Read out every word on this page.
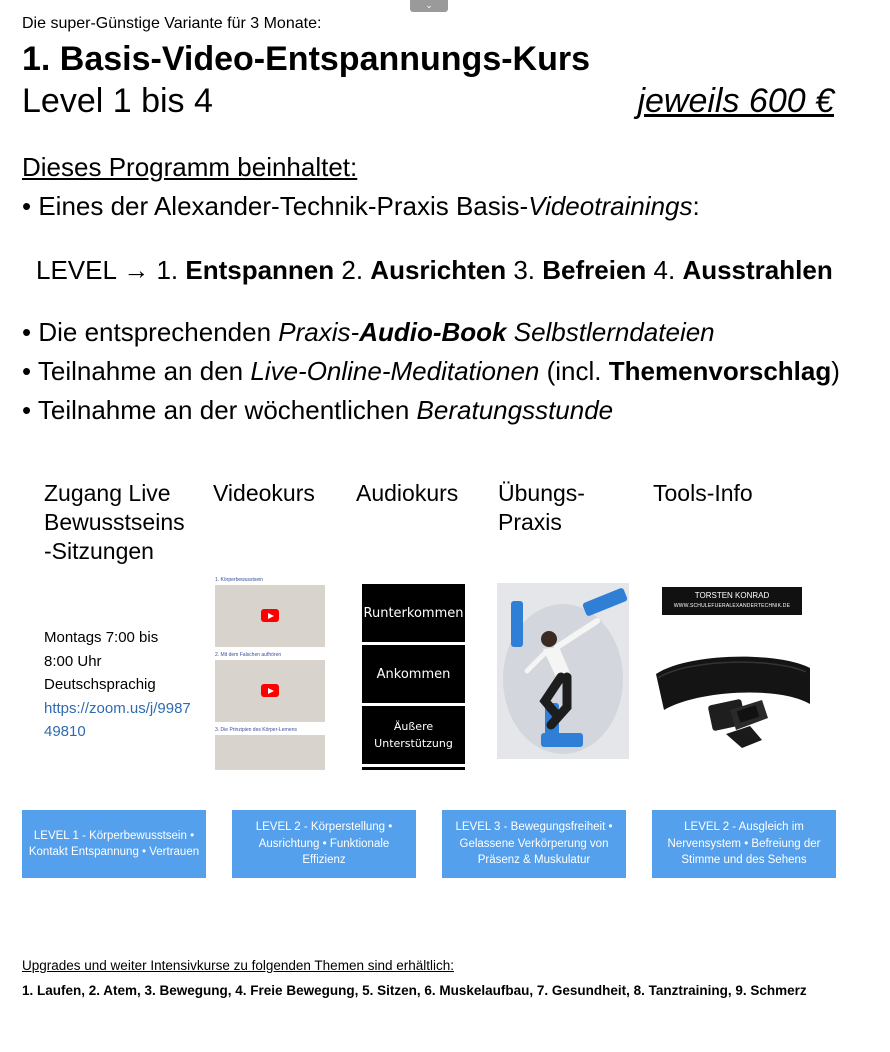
⌄
Die super-Günstige Variante für 3 Monate:
1. Basis-Video-Entspannungs-Kurs
Level 1 bis 4	jeweils 600 €
Dieses Programm beinhaltet:
• Eines der Alexander-Technik-Praxis Basis-Videotrainings:
LEVEL → 1. Entspannen 2. Ausrichten 3. Befreien 4. Ausstrahlen
• Die entsprechenden Praxis-Audio-Book Selbstlerndateien
• Teilnahme an den Live-Online-Meditationen (incl. Themenvorschlag)
• Teilnahme an der wöchentlichen Beratungsstunde
Zugang Live
Bewusstseins
-Sitzungen
Videokurs Audiokurs Übungs-
Praxis
Tools-Info
Montags 7:00 bis
8:00 Uhr
Deutschsprachig
https://zoom.us/j/998749810
1. Körperbewusstsein
2. Mit dem Falschen aufhören
3. Die Prinzipien des Körper-Lernens
Runterkommen
Ankommen
Äußere
Unterstützung
TORSTEN KONRAD
WWW.SCHULEFUERALEXANDERTECHNIK.DE
LEVEL 1 - Körperbewusstsein • Kontakt Entspannung • Vertrauen
LEVEL 2 - Körperstellung • Ausrichtung • Funktionale Effizienz
LEVEL 3 - Bewegungsfreiheit • Gelassene Verkörperung von Präsenz & Muskulatur
LEVEL 2 - Ausgleich im Nervensystem • Befreiung der Stimme und des Sehens
Upgrades und weiter Intensivkurse zu folgenden Themen sind erhältlich:
1. Laufen, 2. Atem, 3. Bewegung, 4. Freie Bewegung, 5. Sitzen, 6. Muskelaufbau, 7. Gesundheit, 8. Tanztraining, 9. Schmerz
